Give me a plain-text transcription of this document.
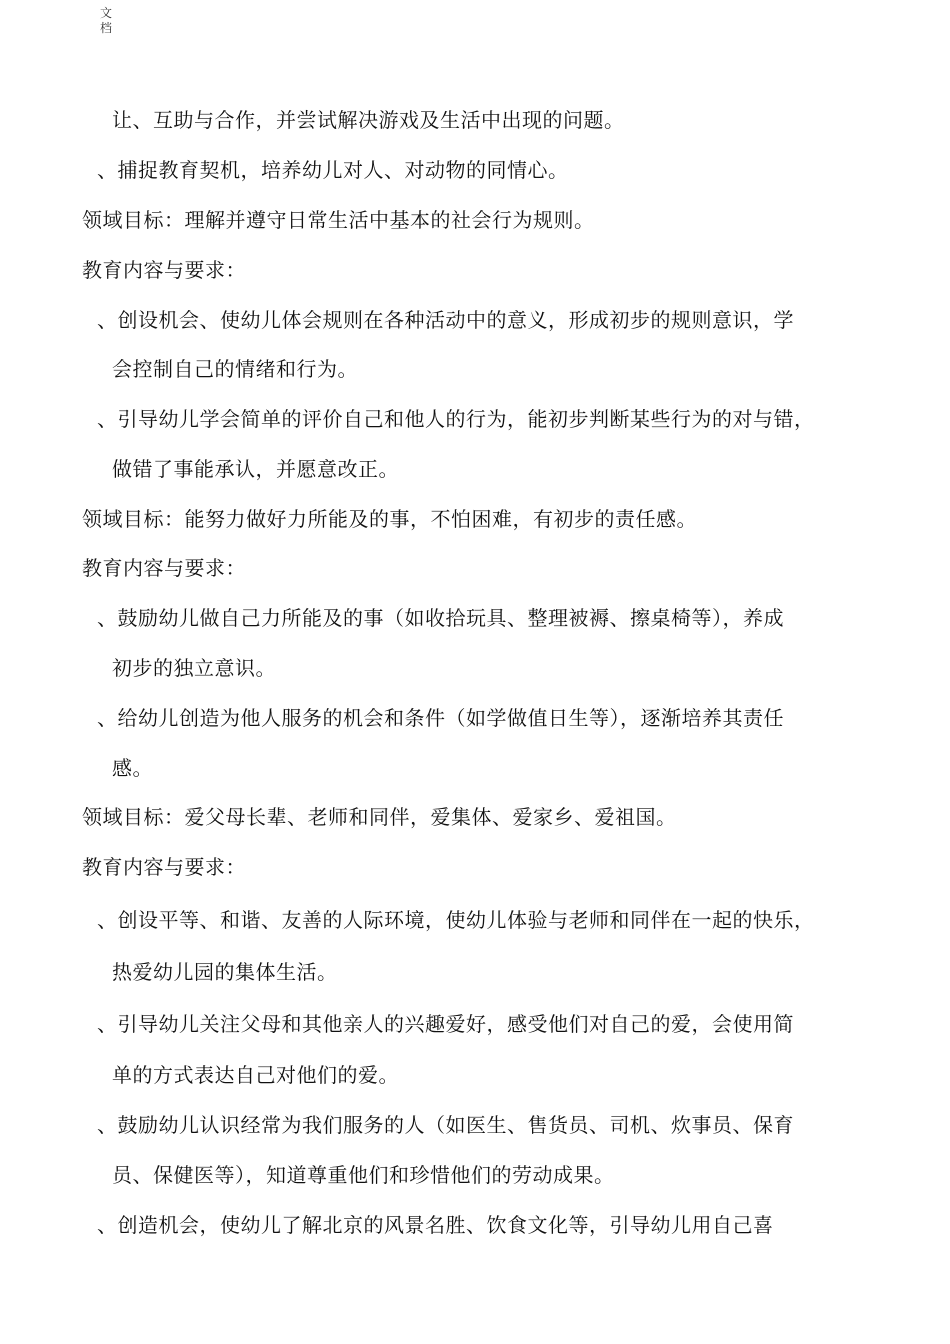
文档
让、互助与合作，并尝试解决游戏及生活中出现的问题。
、捕捉教育契机，培养幼儿对人、对动物的同情心。
领域目标：理解并遵守日常生活中基本的社会行为规则。
教育内容与要求：
、创设机会、使幼儿体会规则在各种活动中的意义，形成初步的规则意识，学
会控制自己的情绪和行为。
、引导幼儿学会简单的评价自己和他人的行为，能初步判断某些行为的对与错，
做错了事能承认，并愿意改正。
领域目标：能努力做好力所能及的事，不怕困难，有初步的责任感。
教育内容与要求：
、鼓励幼儿做自己力所能及的事（如收拾玩具、整理被褥、擦桌椅等），养成
初步的独立意识。
、给幼儿创造为他人服务的机会和条件（如学做值日生等），逐渐培养其责任
感。
领域目标：爱父母长辈、老师和同伴，爱集体、爱家乡、爱祖国。
教育内容与要求：
、创设平等、和谐、友善的人际环境，使幼儿体验与老师和同伴在一起的快乐，
热爱幼儿园的集体生活。
、引导幼儿关注父母和其他亲人的兴趣爱好，感受他们对自己的爱，会使用简
单的方式表达自己对他们的爱。
、鼓励幼儿认识经常为我们服务的人（如医生、售货员、司机、炊事员、保育
员、保健医等），知道尊重他们和珍惜他们的劳动成果。
、创造机会，使幼儿了解北京的风景名胜、饮食文化等，引导幼儿用自己喜
